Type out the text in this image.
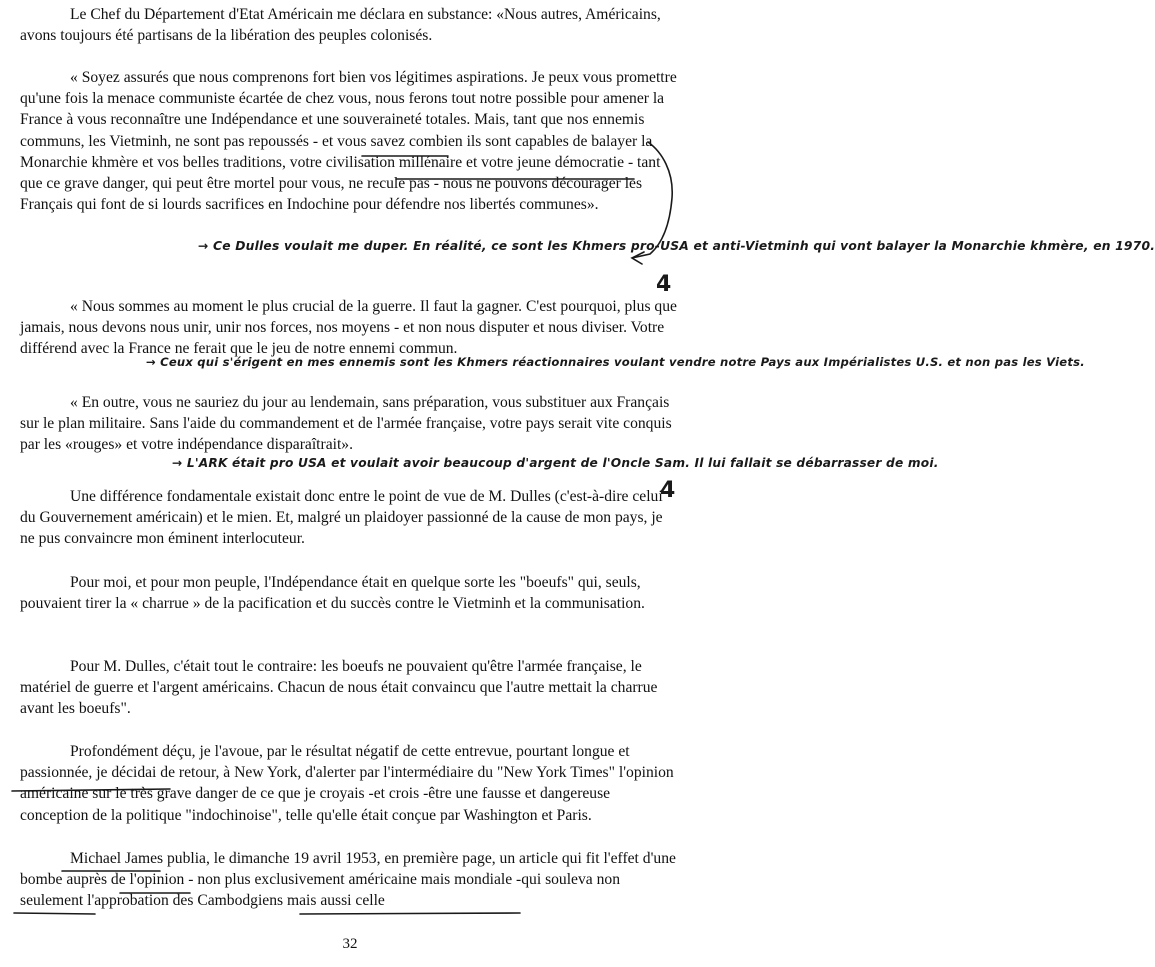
Le Chef du Département d'Etat Américain me déclara en substance: «Nous autres, Américains, avons toujours été partisans de la libération des peuples colonisés.

« Soyez assurés que nous comprenons fort bien vos légitimes aspirations. Je peux vous promettre qu'une fois la menace communiste écartée de chez vous, nous ferons tout notre possible pour amener la France à vous reconnaître une Indépendance et une souveraineté totales. Mais, tant que nos ennemis communs, les Vietminh, ne sont pas repoussés - et vous savez combien ils sont capables de balayer la Monarchie khmère et vos belles traditions, votre civilisation millénaire et votre jeune démocratie - tant que ce grave danger, qui peut être mortel pour vous, ne recule pas - nous ne pouvons décourager les Français qui font de si lourds sacrifices en Indochine pour défendre nos libertés communes».

→ Ce Dulles voulait me duper. En réalité, ce sont les Khmers pro-USA et anti-Vietminh qui vont balayer la Monarchie khmère, en 1970.

« Nous sommes au moment le plus crucial de la guerre. Il faut la gagner. C'est pourquoi, plus que jamais, nous devons nous unir, unir nos forces, nos moyens - et non nous disputer et nous diviser. Votre différend avec la France ne ferait que le jeu de notre ennemi commun.

→ Ceux qui s'érigent en mes ennemis sont les Khmers réactionnaires voulant vendre notre Pays aux Impérialistes U.S. et non pas les Viets.

« En outre, vous ne sauriez du jour au lendemain, sans préparation, vous substituer aux Français sur le plan militaire. Sans l'aide du commandement et de l'armée française, votre pays serait vite conquis par les «rouges» et votre indépendance disparaîtrait».

→ L'ARK était pro USA et voulait avoir beaucoup d'argent de l'Oncle Sam. Il lui fallait se débarrasser de moi.

Une différence fondamentale existait donc entre le point de vue de M. Dulles (c'est-à-dire celui du Gouvernement américain) et le mien. Et, malgré un plaidoyer passionné de la cause de mon pays, je ne pus convaincre mon éminent interlocuteur.

Pour moi, et pour mon peuple, l'Indépendance était en quelque sorte les "boeufs" qui, seuls, pouvaient tirer la « charrue » de la pacification et du succès contre le Vietminh et la communisation.

Pour M. Dulles, c'était tout le contraire: les boeufs ne pouvaient qu'être l'armée française, le matériel de guerre et l'argent américains. Chacun de nous était convaincu que l'autre mettait la charrue avant les boeufs".

Profondément déçu, je l'avoue, par le résultat négatif de cette entrevue, pourtant longue et passionnée, je décidai de retour, à New York, d'alerter par l'intermédiaire du "New York Times" l'opinion américaine sur le très grave danger de ce que je croyais -et crois -être une fausse et dangereuse conception de la politique "indochinoise", telle qu'elle était conçue par Washington et Paris.

Michael James publia, le dimanche 19 avril 1953, en première page, un article qui fit l'effet d'une bombe auprès de l'opinion - non plus exclusivement américaine mais mondiale -qui souleva non seulement l'approbation des Cambodgiens mais aussi celle

4
4
32
